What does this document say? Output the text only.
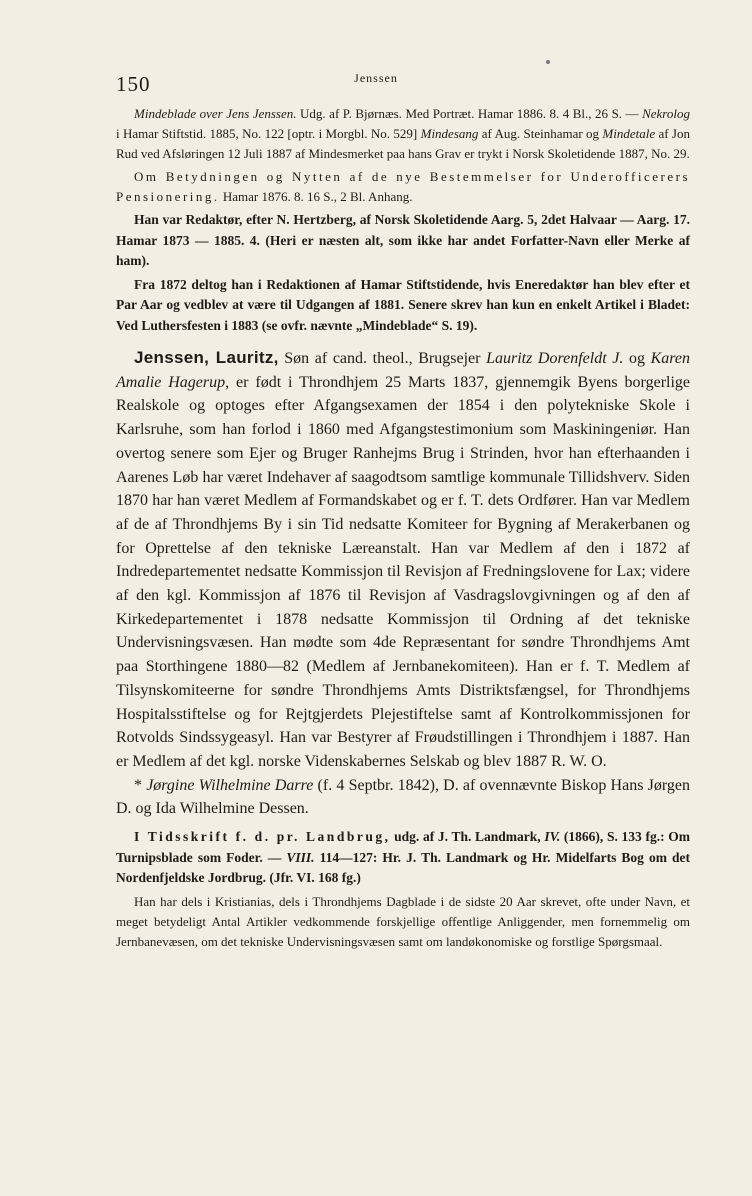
150	Jenssen

Mindeblade over Jens Jenssen. Udg. af P. Bjørnæs. Med Portræt. Hamar 1886. 8. 4 Bl., 26 S. — Nekrolog i Hamar Stiftstid. 1885, No. 122 [optr. i Morgbl. No. 529] Mindesang af Aug. Steinhamar og Mindetale af Jon Rud ved Afsløringen 12 Juli 1887 af Mindesmerket paa hans Grav er trykt i Norsk Skoletidende 1887, No. 29.

Om Betydningen og Nytten af de nye Bestemmelser for Underofficerers Pensionering. Hamar 1876. 8. 16 S., 2 Bl. Anhang.

Han var Redaktør, efter N. Hertzberg, af Norsk Skoletidende Aarg. 5, 2det Halvaar — Aarg. 17. Hamar 1873 — 1885. 4. (Heri er næsten alt, som ikke har andet Forfatter-Navn eller Merke af ham).

Fra 1872 deltog han i Redaktionen af Hamar Stiftstidende, hvis Eneredaktør han blev efter et Par Aar og vedblev at være til Udgangen af 1881. Senere skrev han kun en enkelt Artikel i Bladet: Ved Luthersfesten i 1883 (se ovfr. nævnte „Mindeblade“ S. 19).

Jenssen, Lauritz, Søn af cand. theol., Brugsejer Lauritz Dorenfeldt J. og Karen Amalie Hagerup, er født i Throndhjem 25 Marts 1837, gjennemgik Byens borgerlige Realskole og optoges efter Afgangsexamen der 1854 i den polytekniske Skole i Karlsruhe, som han forlod i 1860 med Afgangstestimonium som Maskiningeniør. Han overtog senere som Ejer og Bruger Ranhejms Brug i Strinden, hvor han efterhaanden i Aarenes Løb har været Indehaver af saagodtsom samtlige kommunale Tillidshverv. Siden 1870 har han været Medlem af Formandskabet og er f. T. dets Ordfører. Han var Medlem af de af Throndhjems By i sin Tid nedsatte Komiteer for Bygning af Merakerbanen og for Oprettelse af den tekniske Læreanstalt. Han var Medlem af den i 1872 af Indredepartementet nedsatte Kommissjon til Revisjon af Fredningslovene for Lax; videre af den kgl. Kommissjon af 1876 til Revisjon af Vasdragslovgivningen og af den af Kirkedepartementet i 1878 nedsatte Kommissjon til Ordning af det tekniske Undervisningsvæsen. Han mødte som 4de Repræsentant for søndre Throndhjems Amt paa Storthingene 1880—82 (Medlem af Jernbanekomiteen). Han er f. T. Medlem af Tilsynskomiteerne for søndre Throndhjems Amts Distriktsfængsel, for Throndhjems Hospitalsstiftelse og for Rejtgjerdets Plejestiftelse samt af Kontrolkommissjonen for Rotvolds Sindssygeasyl. Han var Bestyrer af Frøudstillingen i Throndhjem i 1887. Han er Medlem af det kgl. norske Videnskabernes Selskab og blev 1887 R. W. O.

* Jørgine Wilhelmine Darre (f. 4 Septbr. 1842), D. af ovennævnte Biskop Hans Jørgen D. og Ida Wilhelmine Dessen.

I Tidsskrift f. d. pr. Landbrug, udg. af J. Th. Landmark, IV. (1866), S. 133 fg.: Om Turnipsblade som Foder. — VIII. 114—127: Hr. J. Th. Landmark og Hr. Midelfarts Bog om det Nordenfjeldske Jordbrug. (Jfr. VI. 168 fg.)

Han har dels i Kristianias, dels i Throndhjems Dagblade i de sidste 20 Aar skrevet, ofte under Navn, et meget betydeligt Antal Artikler vedkommende forskjellige offentlige Anliggender, men fornemmelig om Jernbanevæsen, om det tekniske Undervisningsvæsen samt om landøkonomiske og forstlige Spørgsmaal.
